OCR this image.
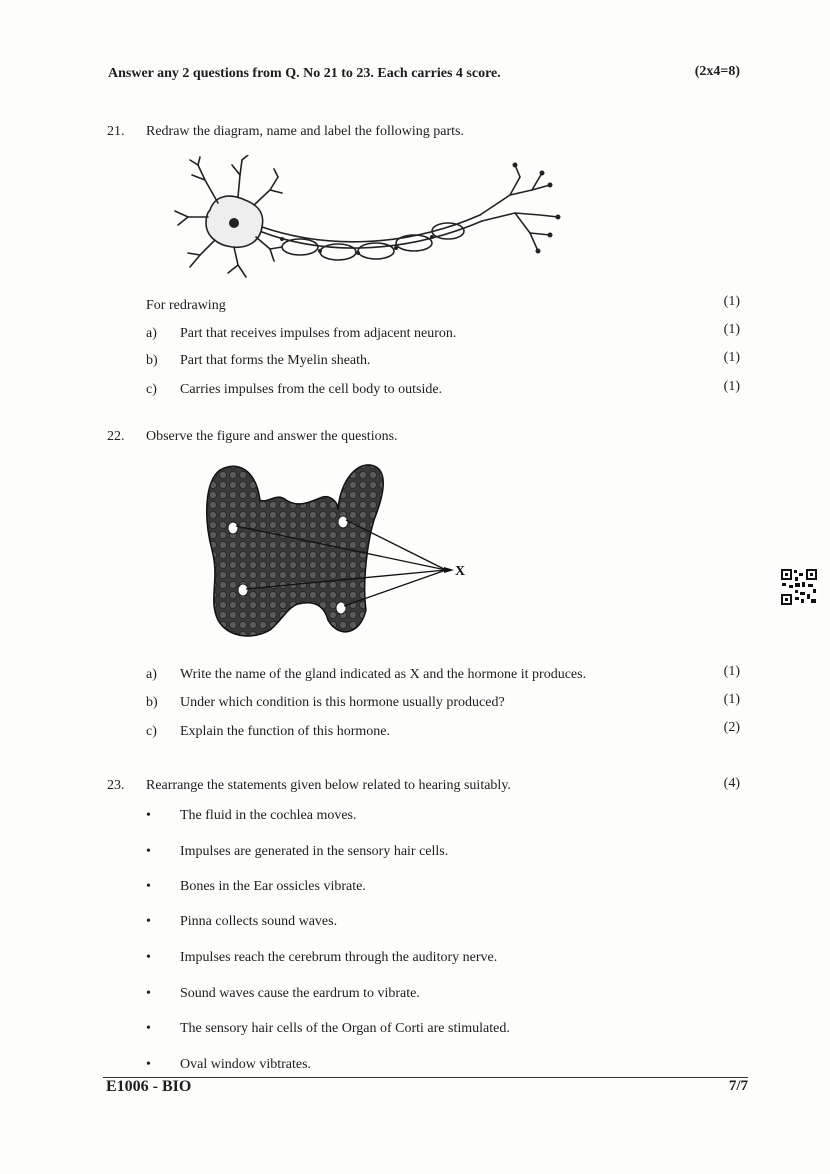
Answer any 2 questions from Q. No 21 to 23. Each carries 4 score.	(2x4=8)
21. Redraw the diagram, name and label the following parts.
For redrawing	(1)
a) Part that receives impulses from adjacent neuron.	(1)
b) Part that forms the Myelin sheath.	(1)
c) Carries impulses from the cell body to outside.	(1)
22. Observe the figure and answer the questions.
X
a) Write the name of the gland indicated as X and the hormone it produces.	(1)
b) Under which condition is this hormone usually produced?	(1)
c) Explain the function of this hormone.	(2)
23. Rearrange the statements given below related to hearing suitably.	(4)
• The fluid in the cochlea moves.
• Impulses are generated in the sensory hair cells.
• Bones in the Ear ossicles vibrate.
• Pinna collects sound waves.
• Impulses reach the cerebrum through the auditory nerve.
• Sound waves cause the eardrum to vibrate.
• The sensory hair cells of the Organ of Corti are stimulated.
• Oval window vibtrates.
E1006 - BIO	7/7
